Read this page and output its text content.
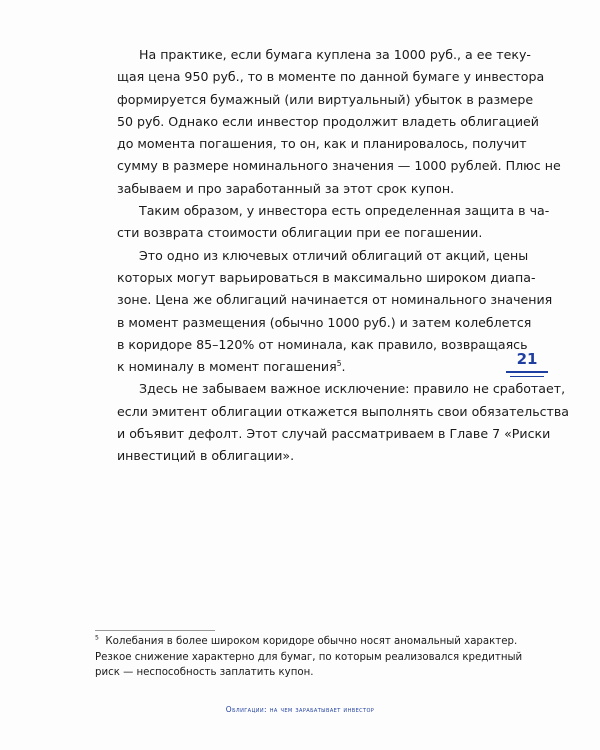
На практике, если бумага куплена за 1000 руб., а ее теку-
щая цена 950 руб., то в моменте по данной бумаге у инвестора
формируется бумажный (или виртуальный) убыток в размере
50 руб. Однако если инвестор продолжит владеть облигацией
до момента погашения, то он, как и планировалось, получит
сумму в размере номинального значения — 1000 рублей. Плюс не
забываем и про заработанный за этот срок купон.

Таким образом, у инвестора есть определенная защита в ча-
сти возврата стоимости облигации при ее погашении.

Это одно из ключевых отличий облигаций от акций, цены
которых могут варьироваться в максимально широком диапа-
зоне. Цена же облигаций начинается от номинального значения
в момент размещения (обычно 1000 руб.) и затем колеблется
в коридоре 85–120% от номинала, как правило, возвращаясь
к номиналу в момент погашения$^5$.

Здесь не забываем важное исключение: правило не сработает,
если эмитент облигации откажется выполнять свои обязательства
и объявит дефолт. Этот случай рассматриваем в Главе 7 «Риски
инвестиций в облигации».

21
$^5$ Колебания в более широком коридоре обычно носят аномальный характер.
Резкое снижение характерно для бумаг, по которым реализовался кредитный
риск — неспособность заплатить купон.
Облигации: на чем зарабатывает инвестор
